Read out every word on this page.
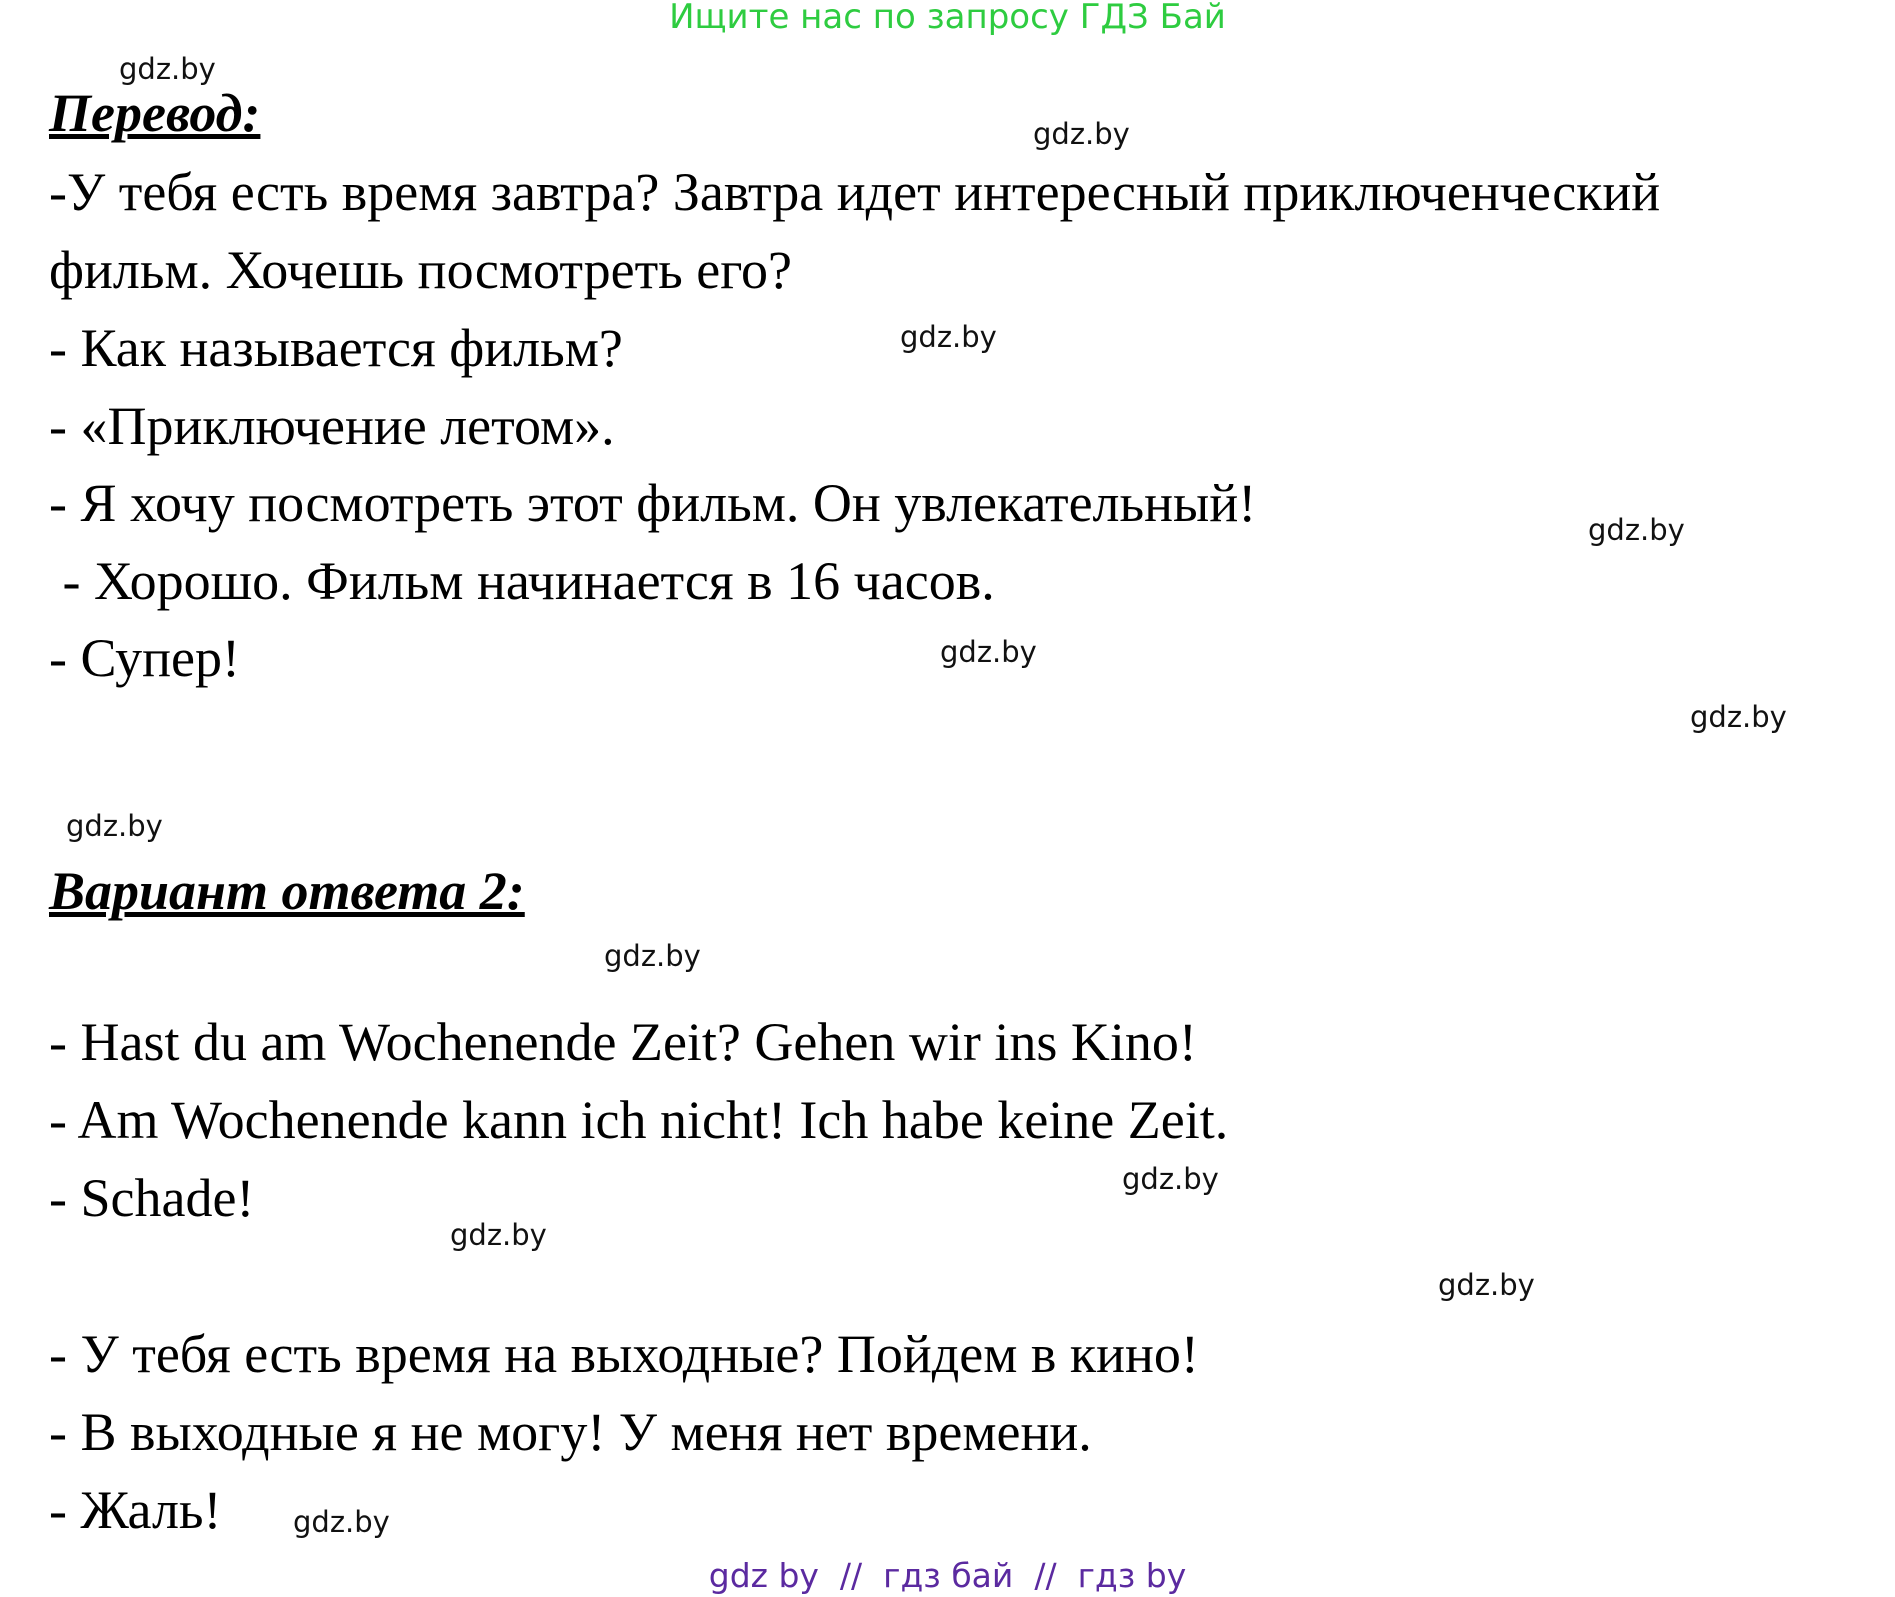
Ищите нас по запросу ГДЗ Бай
Перевод:
-У тебя есть время завтра? Завтра идет интересный приключенческий
фильм. Хочешь посмотреть его?
- Как называется фильм?
- «Приключение летом».
- Я хочу посмотреть этот фильм. Он увлекательный!
- Хорошо. Фильм начинается в 16 часов.
- Супер!
Вариант ответа 2:
- Hast du am Wochenende Zeit? Gehen wir ins Kino!
- Am Wochenende kann ich nicht! Ich habe keine Zeit.
- Schade!
- У тебя есть время на выходные? Пойдем в кино!
- В выходные я не могу! У меня нет времени.
- Жаль!
gdz.by
gdz.by
gdz.by
gdz.by
gdz.by
gdz.by
gdz.by
gdz.by
gdz.by
gdz.by
gdz.by
gdz.by
gdz by  //  гдз бай  //  гдз by
